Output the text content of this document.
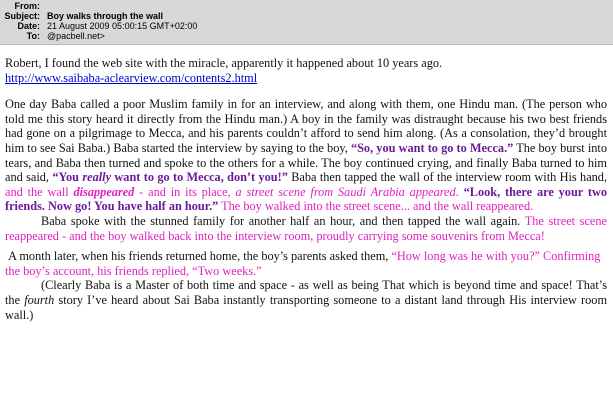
From:
Subject: Boy walks through the wall
Date: 21 August 2009 05:00:15 GMT+02:00
To: @pacbell.net>

Robert, I found the web site with the miracle, apparently it happened about 10 years ago.
http://www.saibaba-aclearview.com/contents2.html

One day Baba called a poor Muslim family in for an interview, and along with them, one Hindu man. (The person who told me this story heard it directly from the Hindu man.) A boy in the family was distraught because his two best friends had gone on a pilgrimage to Mecca, and his parents couldn’t afford to send him along. (As a consolation, they’d brought him to see Sai Baba.) Baba started the interview by saying to the boy, “So, you want to go to Mecca.” The boy burst into tears, and Baba then turned and spoke to the others for a while. The boy continued crying, and finally Baba turned to him and said, “You really want to go to Mecca, don’t you!” Baba then tapped the wall of the interview room with His hand, and the wall disappeared - and in its place, a street scene from Saudi Arabia appeared. “Look, there are your two friends. Now go! You have half an hour.” The boy walked into the street scene... and the wall reappeared.

Baba spoke with the stunned family for another half an hour, and then tapped the wall again. The street scene reappeared - and the boy walked back into the interview room, proudly carrying some souvenirs from Mecca!

A month later, when his friends returned home, the boy’s parents asked them, “How long was he with you?” Confirming the boy’s account, his friends replied, “Two weeks.”

(Clearly Baba is a Master of both time and space - as well as being That which is beyond time and space! That’s the fourth story I’ve heard about Sai Baba instantly transporting someone to a distant land through His interview room wall.)
